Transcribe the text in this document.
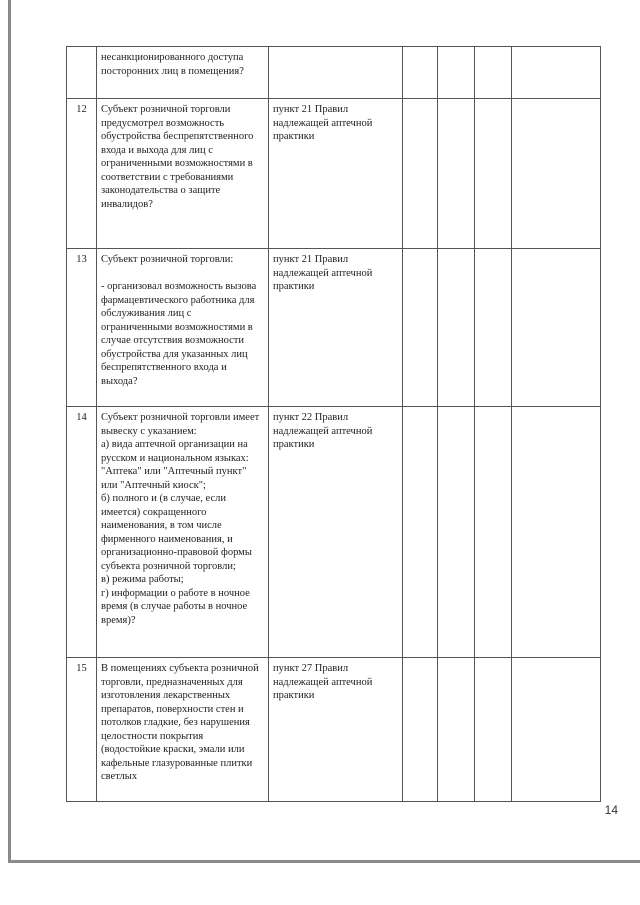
	несанкционированного доступа посторонних лиц в помещения?					
12	Субъект розничной торговли предусмотрел возможность обустройства беспрепятственного входа и выхода для лиц с ограниченными возможностями в соответствии с требованиями законодательства о защите инвалидов?	пункт 21 Правил надлежащей аптечной практики				
13	Субъект розничной торговли:

- организовал возможность вызова фармацевтического работника для обслуживания лиц с ограниченными возможностями в случае отсутствия возможности обустройства для указанных лиц беспрепятственного входа и выхода?	пункт 21 Правил надлежащей аптечной практики				
14	Субъект розничной торговли имеет вывеску с указанием:
а) вида аптечной организации на русском и национальном языках: "Аптека" или "Аптечный пункт" или "Аптечный киоск";
б) полного и (в случае, если имеется) сокращенного наименования, в том числе фирменного наименования, и организационно-правовой формы субъекта розничной торговли;
в) режима работы;
г) информации о работе в ночное время (в случае работы в ночное время)?	пункт 22 Правил надлежащей аптечной практики				
15	В помещениях субъекта розничной торговли, предназначенных для изготовления лекарственных препаратов, поверхности стен и потолков гладкие, без нарушения целостности покрытия (водостойкие краски, эмали или кафельные глазурованные плитки светлых	пункт 27 Правил надлежащей аптечной практики				
14
